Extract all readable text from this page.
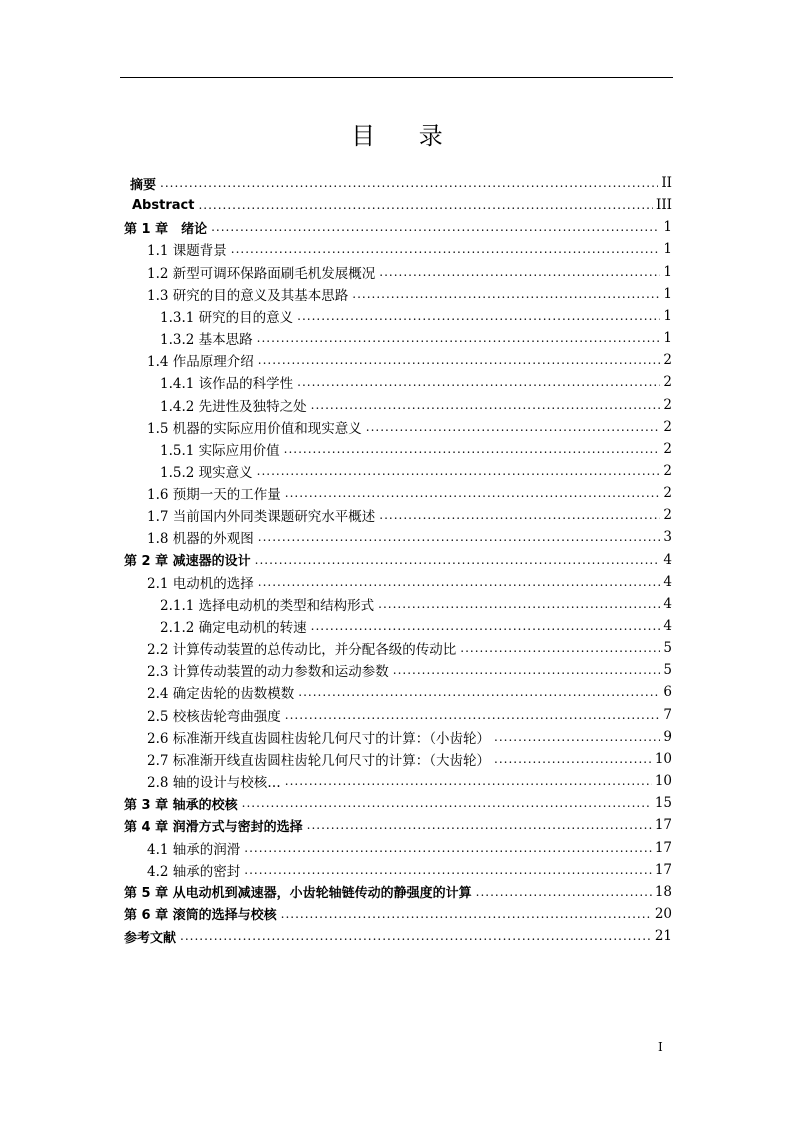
目 录
摘要 .....	II
Abstract .....	III
第 1 章　绪论 .....	1
1.1 课题背景 .....	1
1.2 新型可调环保路面刷毛机发展概况 .....	1
1.3 研究的目的意义及其基本思路 .....	1
1.3.1 研究的目的意义 .....	1
1.3.2 基本思路 .....	1
1.4 作品原理介绍 .....	2
1.4.1 该作品的科学性 .....	2
1.4.2 先进性及独特之处 .....	2
1.5 机器的实际应用价值和现实意义 .....	2
1.5.1 实际应用价值 .....	2
1.5.2 现实意义 .....	2
1.6 预期一天的工作量 .....	2
1.7 当前国内外同类课题研究水平概述 .....	2
1.8 机器的外观图 .....	3
第 2 章 减速器的设计 .....	4
2.1 电动机的选择 .....	4
2.1.1 选择电动机的类型和结构形式 .....	4
2.1.2 确定电动机的转速 .....	4
2.2 计算传动装置的总传动比，并分配各级的传动比 .....	5
2.3 计算传动装置的动力参数和运动参数 .....	5
2.4 确定齿轮的齿数模数 .....	6
2.5 校核齿轮弯曲强度 .....	7
2.6 标准渐开线直齿圆柱齿轮几何尺寸的计算：（小齿轮） .....	9
2.7 标准渐开线直齿圆柱齿轮几何尺寸的计算：（大齿轮） .....	10
2.8 轴的设计与校核… .....	10
第 3 章 轴承的校核 .....	15
第 4 章 润滑方式与密封的选择 .....	17
4.1 轴承的润滑 .....	17
4.2 轴承的密封 .....	17
第 5 章 从电动机到减速器，小齿轮轴链传动的静强度的计算 .....	18
第 6 章 滚筒的选择与校核 .....	20
参考文献 .....	21
I
